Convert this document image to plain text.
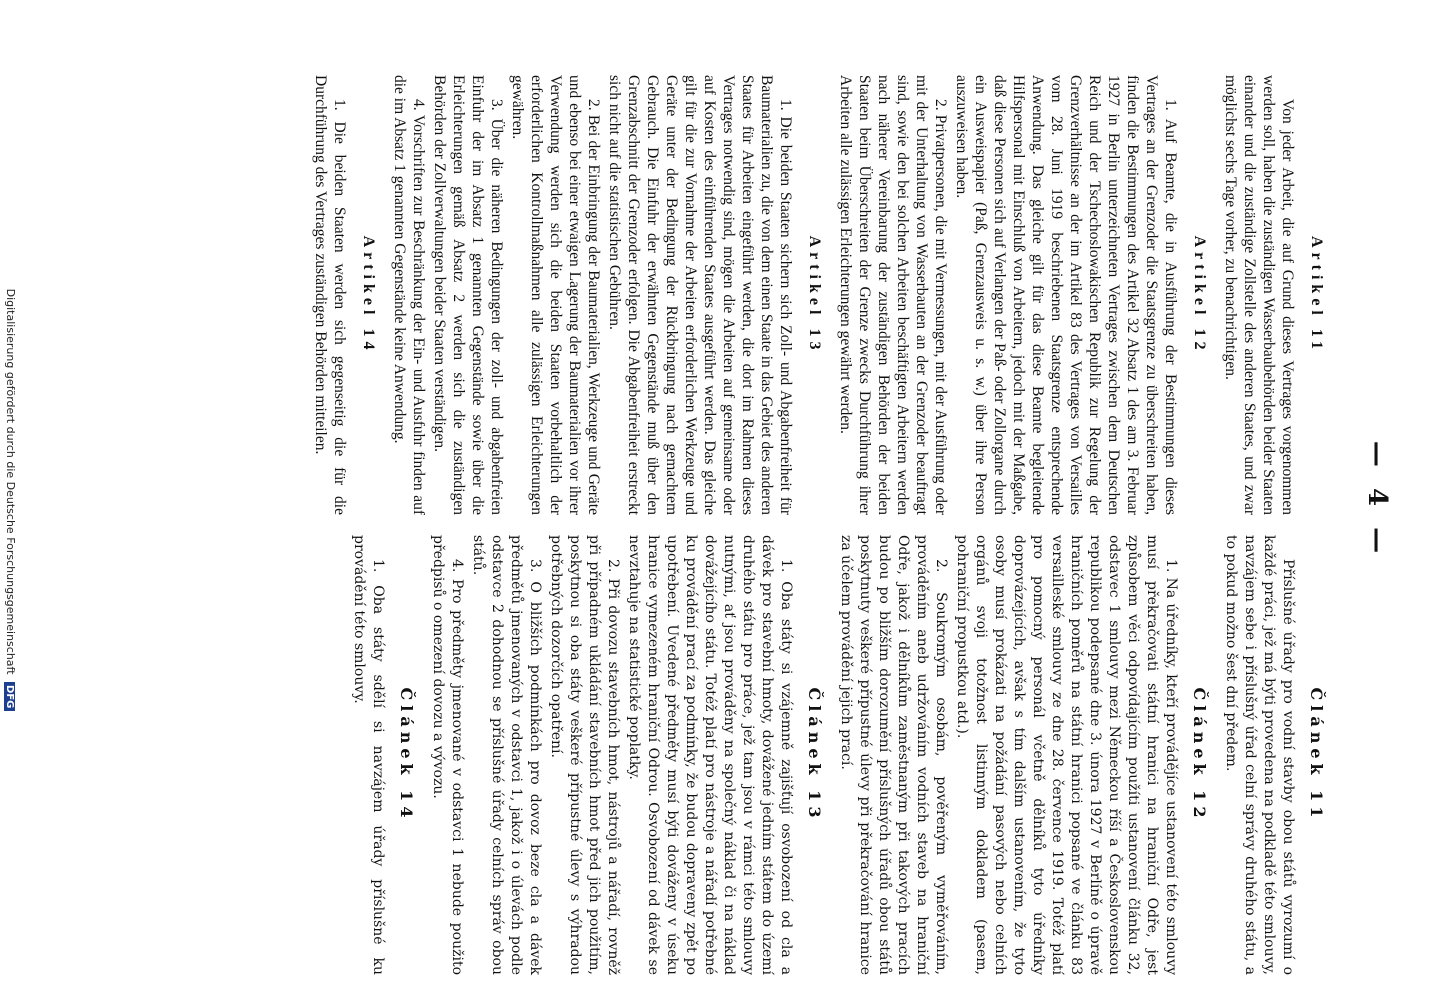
— 4 —
Artikel 11

Von jeder Arbeit, die auf Grund dieses Vertrages vorgenommen werden soll, haben die zuständigen Wasserbaubehörden beider Staaten einander und die zuständige Zollstelle des anderen Staates, und zwar möglichst sechs Tage vorher, zu benachrichtigen.

Artikel 12

1. Auf Beamte, die in Ausführung der Bestimmungen dieses Vertrages an der Grenzoder die Staatsgrenze zu überschreiten haben, finden die Bestimmungen des Artikel 32 Absatz 1 des am 3. Februar 1927 in Berlin unterzeichneten Vertrages zwischen dem Deutschen Reich und der Tschechoslowakischen Republik zur Regelung der Grenzverhältnisse an der im Artikel 83 des Vertrages von Versailles vom 28. Juni 1919 beschriebenen Staatsgrenze entsprechende Anwendung. Das gleiche gilt für das diese Beamte begleitende Hilfspersonal mit Einschluß von Arbeitern, jedoch mit der Maßgabe, daß diese Personen sich auf Verlangen der Paß- oder Zollorgane durch ein Ausweispapier (Paß, Grenzausweis u. s. w.) über ihre Person auszuweisen haben.

2. Privatpersonen, die mit Vermessungen, mit der Ausführung oder mit der Unterhaltung von Wasserbauten an der Grenzoder beauftragt sind, sowie den bei solchen Arbeiten beschäftigten Arbeitern werden nach näherer Vereinbarung der zuständigen Behörden der beiden Staaten beim Überschreiten der Grenze zwecks Durchführung ihrer Arbeiten alle zulässigen Erleichterungen gewährt werden.

Artikel 13

1. Die beiden Staaten sichern sich Zoll- und Abgabenfreiheit für Baumaterialien zu, die von dem einen Staate in das Gebiet des anderen Staates für Arbeiten eingeführt werden, die dort im Rahmen dieses Vertrages notwendig sind, mögen die Arbeiten auf gemeinsame oder auf Kosten des einführenden Staates ausgeführt werden. Das gleiche gilt für die zur Vornahme der Arbeiten erforderlichen Werkzeuge und Geräte unter der Bedingung der Rückbringung nach gemachtem Gebrauch. Die Einfuhr der erwähnten Gegenstände muß über den Grenzabschnitt der Grenzoder erfolgen. Die Abgabenfreiheit erstreckt sich nicht auf die statistischen Gebühren.

2. Bei der Einbringung der Baumaterialien, Werkzeuge und Geräte und ebenso bei einer etwaigen Lagerung der Baumaterialien vor ihrer Verwendung werden sich die beiden Staaten vorbehaltlich der erforderlichen Kontrollmaßnahmen alle zulässigen Erleichterungen gewähren.

3. Über die näheren Bedingungen der zoll- und abgabenfreien Einfuhr der im Absatz 1 genannten Gegenstände sowie über die Erleichterungen gemäß Absatz 2 werden sich die zuständigen Behörden der Zollverwaltungen beider Staaten verständigen.

4. Vorschriften zur Beschränkung der Ein- und Ausfuhr finden auf die im Absatz 1 genannten Gegenstände keine Anwendung.

Artikel 14

1. Die beiden Staaten werden sich gegenseitig die für die Durchführung des Vertrages zuständigen Behörden mitteilen.

Článek 11

Příslušné úřady pro vodní stavby obou států vyrozumí o každé práci, jež má býti provedena na podkladě této smlouvy, navzájem sebe i příslušný úřad celní správy druhého státu, a to pokud možno šest dní předem.

Článek 12

1. Na úředníky, kteří provádějíce ustanovení této smlouvy musí překračovati státní hranici na hraniční Odře, jest způsobem věci odpovídajícím použíti ustanovení článku 32, odstavec 1 smlouvy mezi Německou říší a Československou republikou podepsané dne 3. února 1927 v Berlíně o úpravě hraničních poměrů na státní hranici popsané ve článku 83 versailleské smlouvy ze dne 28. července 1919. Totéž platí pro pomocný personál včetně dělníků tyto úředníky doprovázejících, avšak s tím dalším ustanovením, že tyto osoby musí prokázati na požádání pasových nebo celních orgánů svoji totožnost listinným dokladem (pasem, pohraniční propustkou atd.).

2. Soukromým osobám, pověřeným vyměřováním, prováděním aneb udržováním vodních staveb na hraniční Odře, jakož i dělníkům zaměstnaným při takových pracích budou po bližším dorozumění příslušných úřadů obou států poskytnuty veškeré přípustné úlevy při překračování hranice za účelem provádění jejich prací.

Článek 13

1. Oba státy si vzájemně zajišťují osvobození od cla a dávek pro stavební hmoty, dovážené jedním státem do území druhého státu pro práce, jež tam jsou v rámci této smlouvy nutnými, ať jsou prováděny na společný náklad či na náklad dovážejícího státu. Totéž platí pro nástroje a nářadí potřebné ku provádění prací za podmínky, že budou dopraveny zpět po upotřebení. Uvedené předměty musí býti dováženy v úseku hranice vymezeném hraniční Odrou. Osvobození od dávek se nevztahuje na statistické poplatky.

2. Při dovozu stavebních hmot, nástrojů a nářadí, rovněž při případném ukládání stavebních hmot před jich použitím, poskytnou si oba státy veškeré přípustné úlevy s výhradou potřebných dozorčích opatření.

3. O bližších podmínkách pro dovoz beze cla a dávek předmětů jmenovaných v odstavci 1, jakož i o úlevách podle odstavce 2 dohodnou se příslušné úřady celních správ obou států.

4. Pro předměty jmenované v odstavci 1 nebude použito předpisů o omezení dovozu a vývozu.

Článek 14

1. Oba státy sdělí si navzájem úřady příslušné ku provádění této smlouvy.

Digitalisierung gefördert durch die Deutsche Forschungsgemeinschaft DFG
